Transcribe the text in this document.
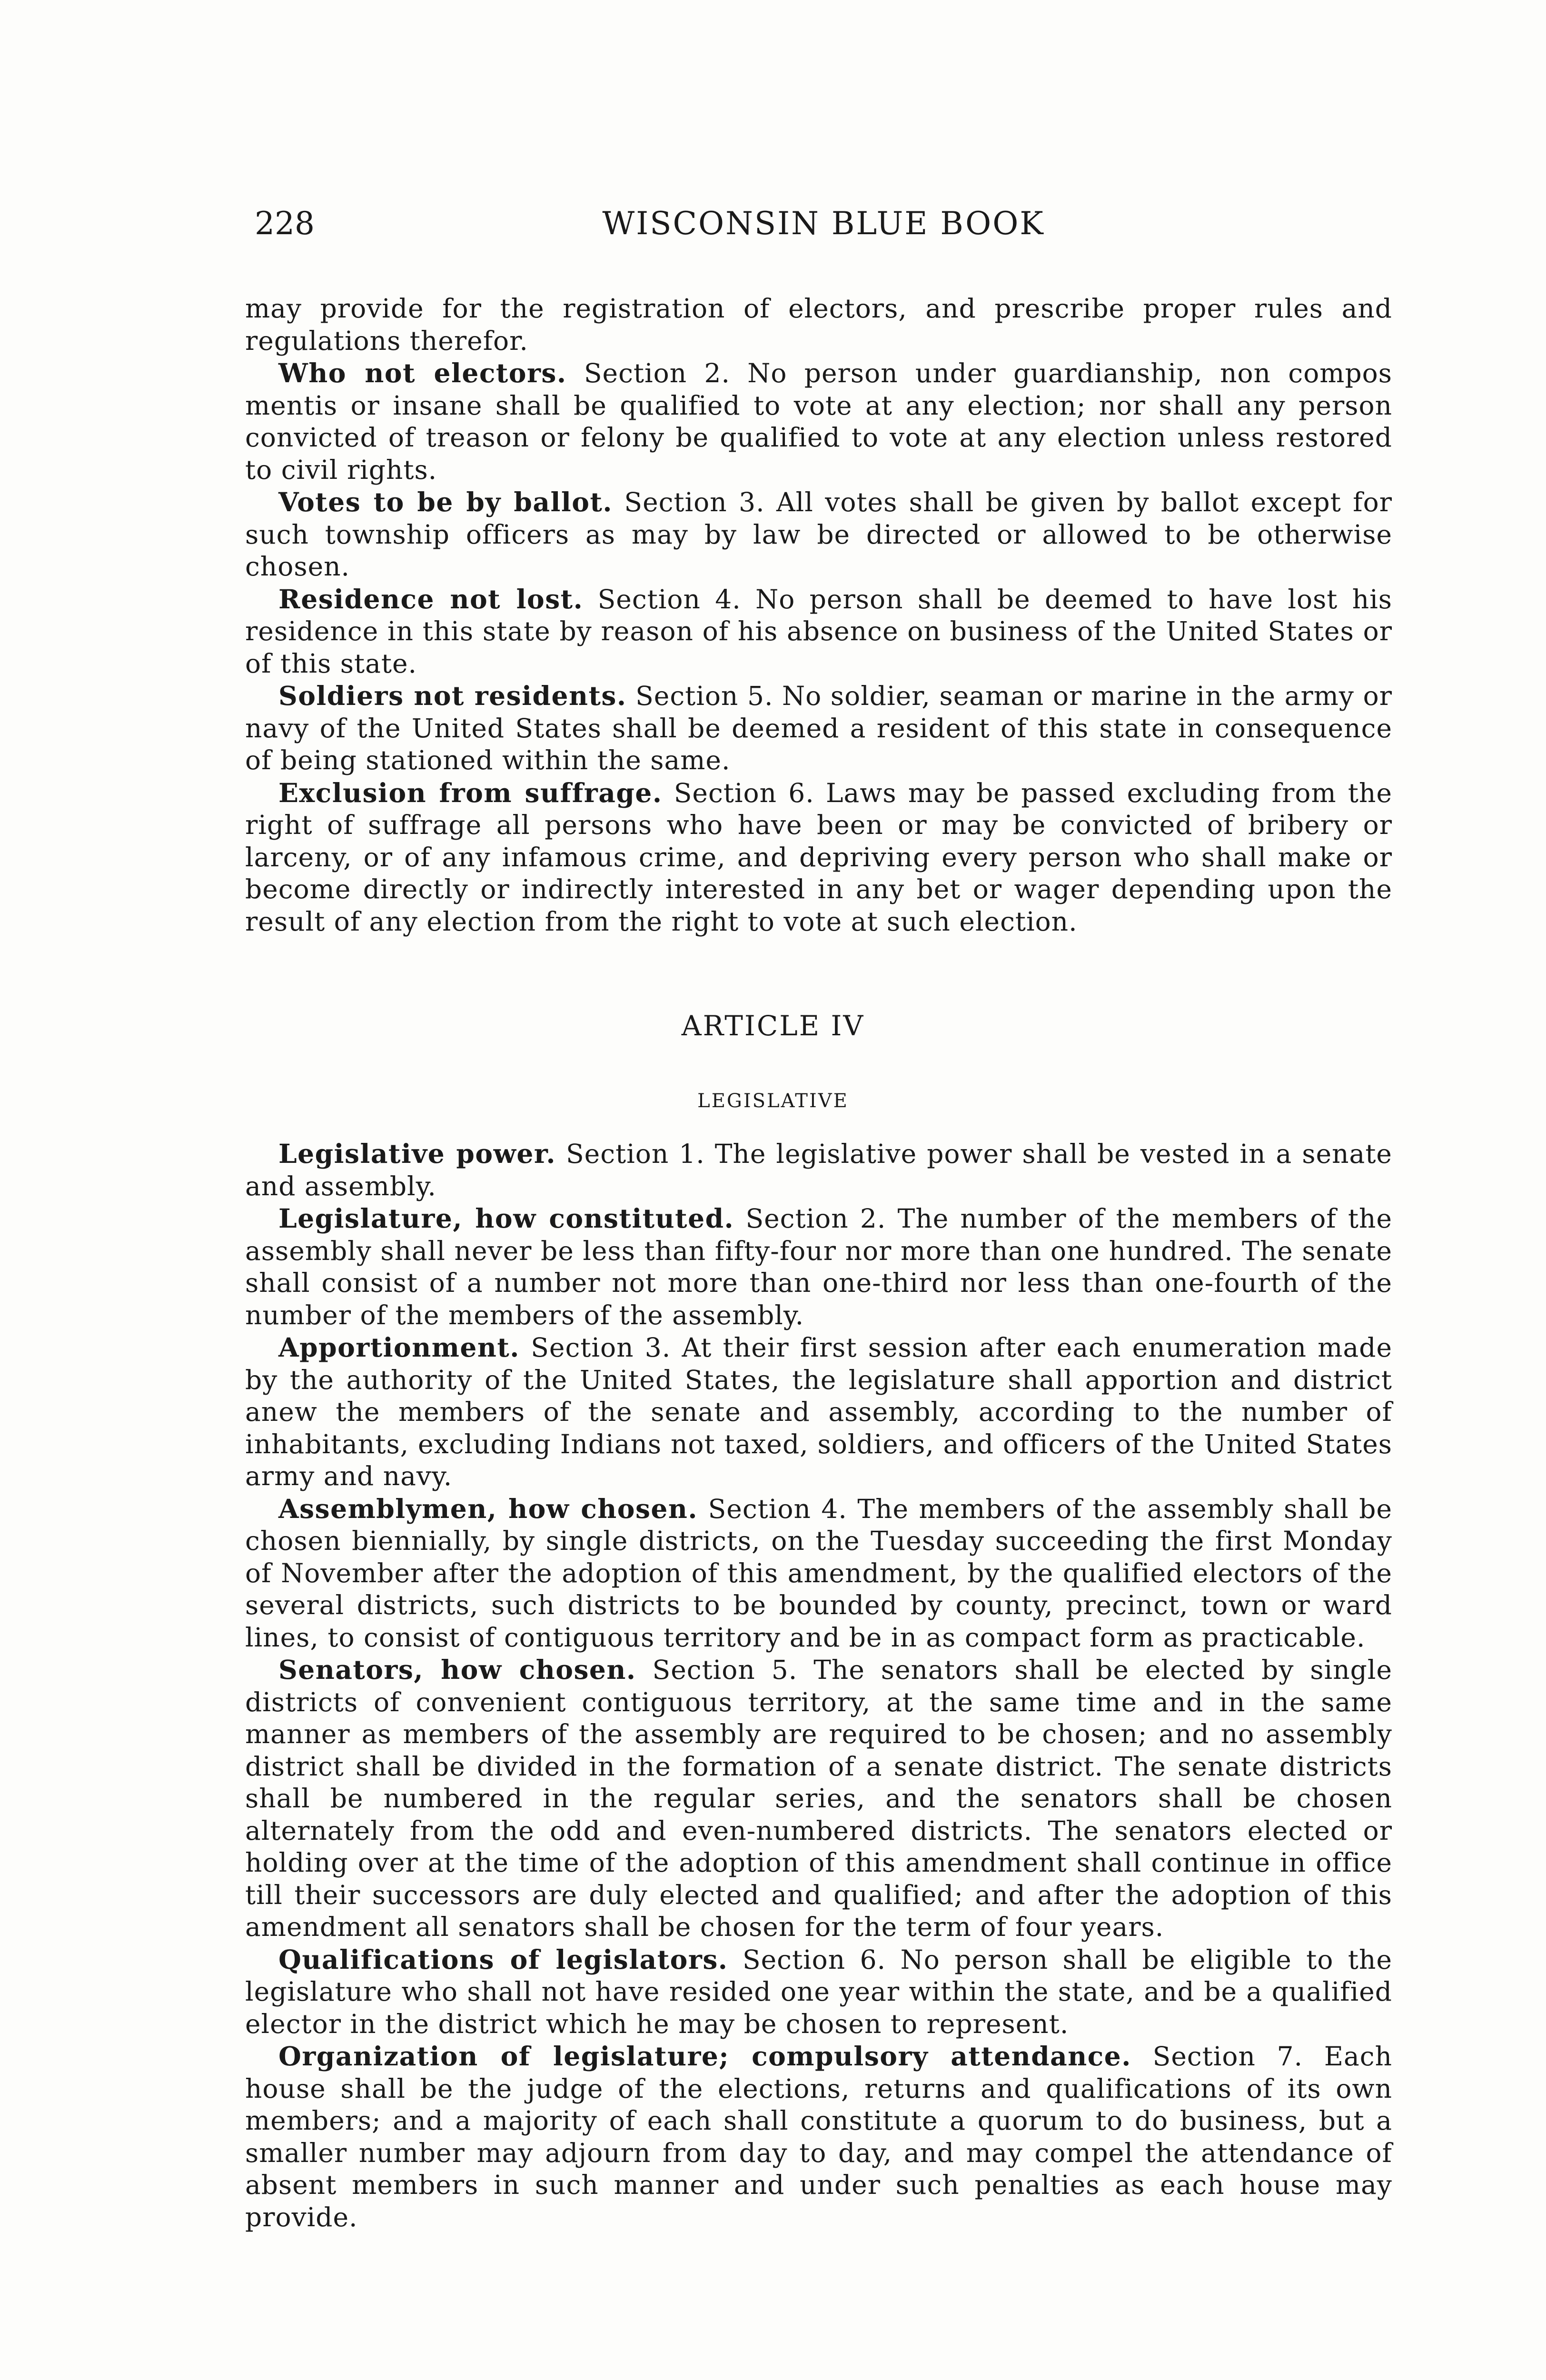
228	WISCONSIN BLUE BOOK

may provide for the registration of electors, and prescribe proper rules and regulations therefor.

Who not electors. Section 2. No person under guardianship, non compos mentis or insane shall be qualified to vote at any election; nor shall any person convicted of treason or felony be qualified to vote at any election unless restored to civil rights.

Votes to be by ballot. Section 3. All votes shall be given by ballot except for such township officers as may by law be directed or allowed to be otherwise chosen.

Residence not lost. Section 4. No person shall be deemed to have lost his residence in this state by reason of his absence on business of the United States or of this state.

Soldiers not residents. Section 5. No soldier, seaman or marine in the army or navy of the United States shall be deemed a resident of this state in consequence of being stationed within the same.

Exclusion from suffrage. Section 6. Laws may be passed excluding from the right of suffrage all persons who have been or may be convicted of bribery or larceny, or of any infamous crime, and depriving every person who shall make or become directly or indirectly interested in any bet or wager depending upon the result of any election from the right to vote at such election.

ARTICLE IV
LEGISLATIVE

Legislative power. Section 1. The legislative power shall be vested in a senate and assembly.

Legislature, how constituted. Section 2. The number of the members of the assembly shall never be less than fifty-four nor more than one hundred. The senate shall consist of a number not more than one-third nor less than one-fourth of the number of the members of the assembly.

Apportionment. Section 3. At their first session after each enumeration made by the authority of the United States, the legislature shall apportion and district anew the members of the senate and assembly, according to the number of inhabitants, excluding Indians not taxed, soldiers, and officers of the United States army and navy.

Assemblymen, how chosen. Section 4. The members of the assembly shall be chosen biennially, by single districts, on the Tuesday succeeding the first Monday of November after the adoption of this amendment, by the qualified electors of the several districts, such districts to be bounded by county, precinct, town or ward lines, to consist of contiguous territory and be in as compact form as practicable.

Senators, how chosen. Section 5. The senators shall be elected by single districts of convenient contiguous territory, at the same time and in the same manner as members of the assembly are required to be chosen; and no assembly district shall be divided in the formation of a senate district. The senate districts shall be numbered in the regular series, and the senators shall be chosen alternately from the odd and even-numbered districts. The senators elected or holding over at the time of the adoption of this amendment shall continue in office till their successors are duly elected and qualified; and after the adoption of this amendment all senators shall be chosen for the term of four years.

Qualifications of legislators. Section 6. No person shall be eligible to the legislature who shall not have resided one year within the state, and be a qualified elector in the district which he may be chosen to represent.

Organization of legislature; compulsory attendance. Section 7. Each house shall be the judge of the elections, returns and qualifications of its own members; and a majority of each shall constitute a quorum to do business, but a smaller number may adjourn from day to day, and may compel the attendance of absent members in such manner and under such penalties as each house may provide.
